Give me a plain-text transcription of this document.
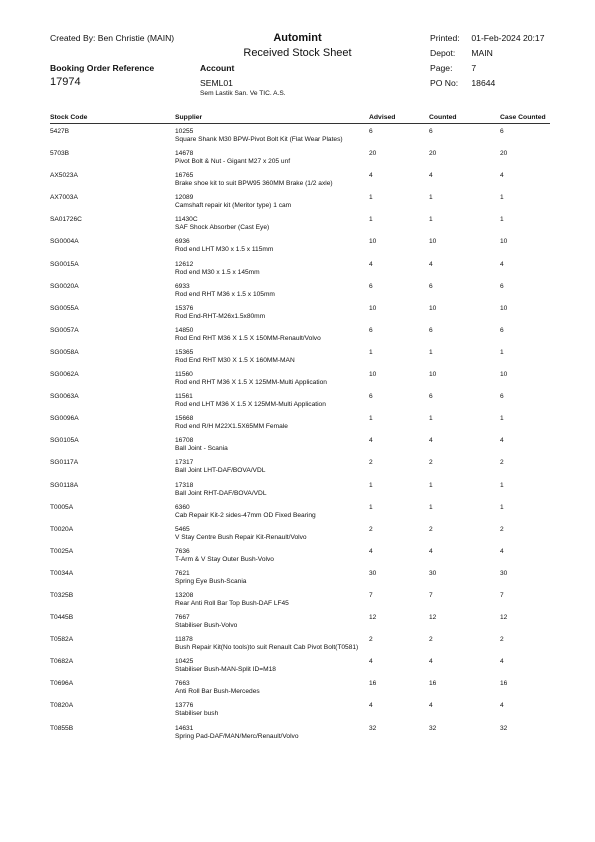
Created By: Ben Christie (MAIN)	Automint
Received Stock Sheet
Printed: 01-Feb-2024 20:17
Depot: MAIN
Page: 7
PO No: 18644
Booking Order Reference
17974
Account
SEML01
Sem Lastik San. Ve TIC. A.S.
Stock Code	Supplier	Advised	Counted	Case Counted
5427B	10255	6	6	6
Square Shank M30 BPW-Pivot Bolt Kit (Flat Wear Plates)
5703B	14678	20	20	20
Pivot Bolt & Nut - Gigant M27 x 205 unf
AX5023A	16765	4	4	4
Brake shoe kit to suit BPW95 360MM Brake (1/2 axle)
AX7003A	12089	1	1	1
Camshaft repair kit (Meritor type) 1 cam
SA01726C	11430C	1	1	1
SAF Shock Absorber (Cast Eye)
SG0004A	6936	10	10	10
Rod end LHT M30 x 1.5 x 115mm
SG0015A	12612	4	4	4
Rod end M30 x 1.5 x 145mm
SG0020A	6933	6	6	6
Rod end RHT M36 x 1.5 x 105mm
SG0055A	15376	10	10	10
Rod End-RHT-M26x1.5x80mm
SG0057A	14850	6	6	6
Rod End RHT M36 X 1.5 X 150MM-Renault/Volvo
SG0058A	15365	1	1	1
Rod End RHT M30 X 1.5 X 160MM-MAN
SG0062A	11560	10	10	10
Rod end RHT M36 X 1.5 X 125MM-Multi Application
SG0063A	11561	6	6	6
Rod end LHT M36 X 1.5 X 125MM-Multi Application
SG0096A	15668	1	1	1
Rod end R/H M22X1.5X65MM Female
SG0105A	16708	4	4	4
Ball Joint - Scania
SG0117A	17317	2	2	2
Ball Joint LHT-DAF/BOVA/VDL
SG0118A	17318	1	1	1
Ball Joint RHT-DAF/BOVA/VDL
T0005A	6360	1	1	1
Cab Repair Kit-2 sides-47mm OD Fixed Bearing
T0020A	5465	2	2	2
V Stay Centre Bush Repair Kit-Renault/Volvo
T0025A	7636	4	4	4
T-Arm & V Stay Outer Bush-Volvo
T0034A	7621	30	30	30
Spring Eye Bush-Scania
T0325B	13208	7	7	7
Rear Anti Roll Bar Top Bush-DAF LF45
T0445B	7667	12	12	12
Stabiliser Bush-Volvo
T0582A	11878	2	2	2
Bush Repair Kit(No tools)to suit Renault Cab Pivot Bolt(T0581)
T0682A	10425	4	4	4
Stabiliser Bush-MAN-Split ID=M18
T0696A	7663	16	16	16
Anti Roll Bar Bush-Mercedes
T0820A	13776	4	4	4
Stabiliser bush
T0855B	14631	32	32	32
Spring Pad-DAF/MAN/Merc/Renault/Volvo
